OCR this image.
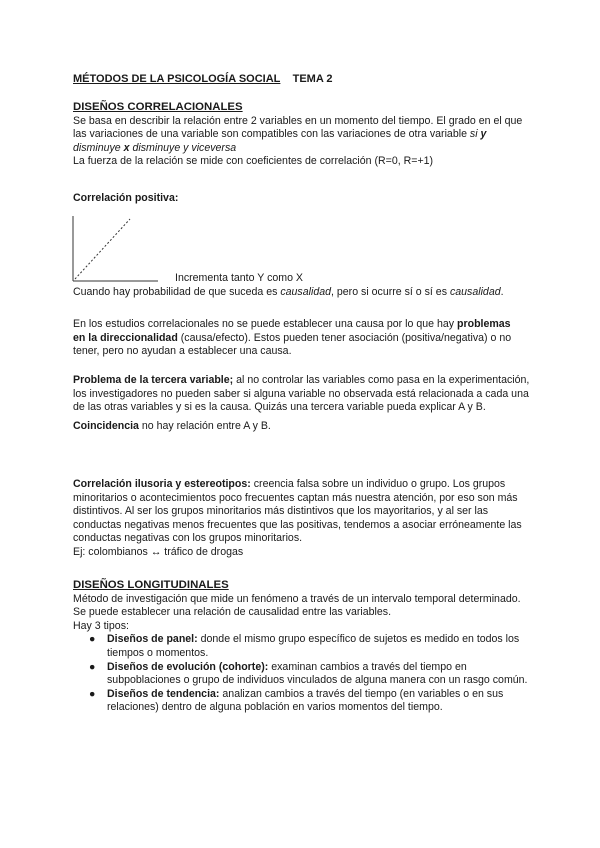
MÉTODOS DE LA PSICOLOGÍA SOCIAL TEMA 2
DISEÑOS CORRELACIONALES

Se basa en describir la relación entre 2 variables en un momento del tiempo. El grado en el que las variaciones de una variable son compatibles con las variaciones de otra variable si y disminuye x disminuye y viceversa

La fuerza de la relación se mide con coeficientes de correlación (R=0, R=+1)

Correlación positiva:
Incrementa tanto Y como X

Cuando hay probabilidad de que suceda es causalidad, pero si ocurre sí o sí es causalidad.

En los estudios correlacionales no se puede establecer una causa por lo que hay problemas en la direccionalidad (causa/efecto). Estos pueden tener asociación (positiva/negativa) o no tener, pero no ayudan a establecer una causa.

Problema de la tercera variable; al no controlar las variables como pasa en la experimentación, los investigadores no pueden saber si alguna variable no observada está relacionada a cada una de las otras variables y si es la causa. Quizás una tercera variable pueda explicar A y B.

Coincidencia no hay relación entre A y B.

Correlación ilusoria y estereotipos: creencia falsa sobre un individuo o grupo. Los grupos minoritarios o acontecimientos poco frecuentes captan más nuestra atención, por eso son más distintivos. Al ser los grupos minoritarios más distintivos que los mayoritarios, y al ser las conductas negativas menos frecuentes que las positivas, tendemos a asociar erróneamente las conductas negativas con los grupos minoritarios.

Ej: colombianos ↔ tráfico de drogas

DISEÑOS LONGITUDINALES

Método de investigación que mide un fenómeno a través de un intervalo temporal determinado. Se puede establecer una relación de causalidad entre las variables.

Hay 3 tipos:

● Diseños de panel: donde el mismo grupo específico de sujetos es medido en todos los tiempos o momentos.
● Diseños de evolución (cohorte): examinan cambios a través del tiempo en subpoblaciones o grupo de individuos vinculados de alguna manera con un rasgo común.
● Diseños de tendencia: analizan cambios a través del tiempo (en variables o en sus relaciones) dentro de alguna población en varios momentos del tiempo.
